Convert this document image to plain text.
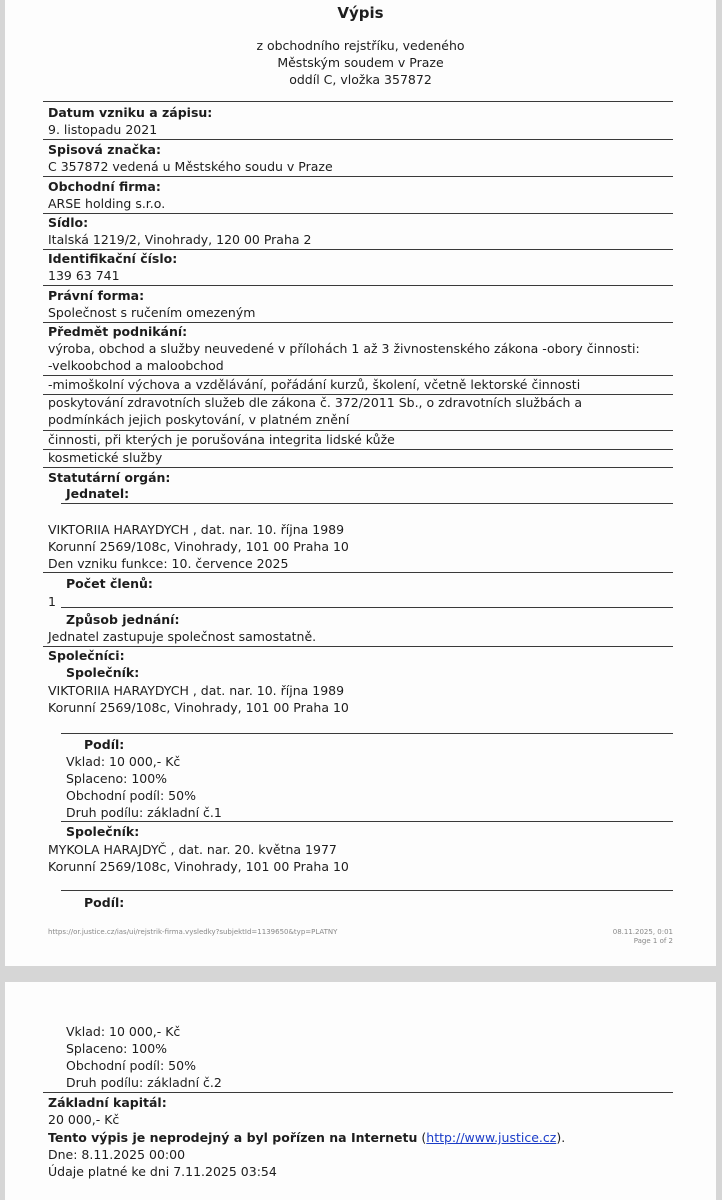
Výpis
z obchodního rejstříku, vedeného
Městským soudem v Praze
oddíl C, vložka 357872
Datum vzniku a zápisu:
9. listopadu 2021
Spisová značka:
C 357872 vedená u Městského soudu v Praze
Obchodní firma:
ARSE holding s.r.o.
Sídlo:
Italská 1219/2, Vinohrady, 120 00 Praha 2
Identifikační číslo:
139 63 741
Právní forma:
Společnost s ručením omezeným
Předmět podnikání:
výroba, obchod a služby neuvedené v přílohách 1 až 3 živnostenského zákona -obory činnosti:
-velkoobchod a maloobchod
-mimoškolní výchova a vzdělávání, pořádání kurzů, školení, včetně lektorské činnosti
poskytování zdravotních služeb dle zákona č. 372/2011 Sb., o zdravotních službách a
podmínkách jejich poskytování, v platném znění
činnosti, při kterých je porušována integrita lidské kůže
kosmetické služby
Statutární orgán:
Jednatel:
VIKTORIIA HARAYDYCH , dat. nar. 10. října 1989
Korunní 2569/108c, Vinohrady, 101 00 Praha 10
Den vzniku funkce: 10. července 2025
Počet členů:
1
Způsob jednání:
Jednatel zastupuje společnost samostatně.
Společníci:
Společník:
VIKTORIIA HARAYDYCH , dat. nar. 10. října 1989
Korunní 2569/108c, Vinohrady, 101 00 Praha 10
Podíl:
Vklad: 10 000,- Kč
Splaceno: 100%
Obchodní podíl: 50%
Druh podílu: základní č.1
Společník:
MYKOLA HARAJDYČ , dat. nar. 20. května 1977
Korunní 2569/108c, Vinohrady, 101 00 Praha 10
Podíl:
https://or.justice.cz/ias/ui/rejstrik-firma.vysledky?subjektId=1139650&typ=PLATNY	08.11.2025, 0:01
Page 1 of 2
Vklad: 10 000,- Kč
Splaceno: 100%
Obchodní podíl: 50%
Druh podílu: základní č.2
Základní kapitál:
20 000,- Kč
Tento výpis je neprodejný a byl pořízen na Internetu (http://www.justice.cz).
Dne: 8.11.2025 00:00
Údaje platné ke dni 7.11.2025 03:54
